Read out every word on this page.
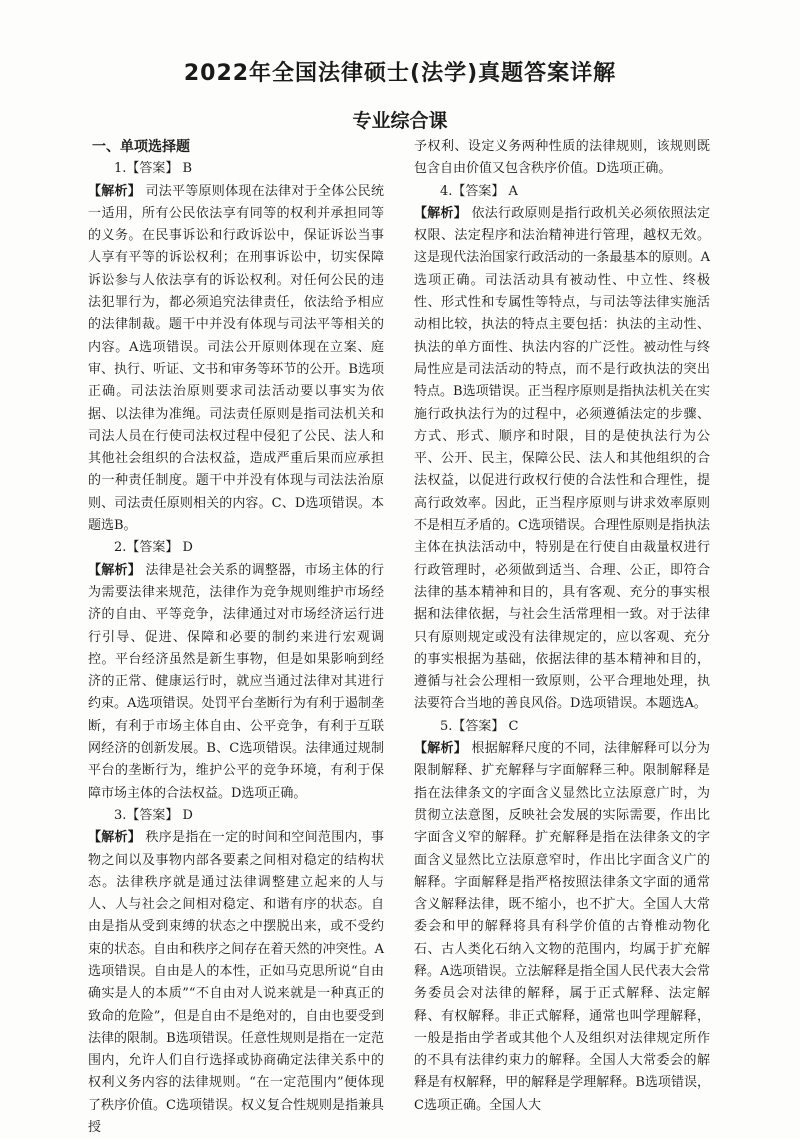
2022年全国法律硕士(法学)真题答案详解
专业综合课

一、单项选择题

1.【答案】 B

【解析】 司法平等原则体现在法律对于全体公民统一适用，所有公民依法享有同等的权利并承担同等的义务。在民事诉讼和行政诉讼中，保证诉讼当事人享有平等的诉讼权利；在刑事诉讼中，切实保障诉讼参与人依法享有的诉讼权利。对任何公民的违法犯罪行为，都必须追究法律责任，依法给予相应的法律制裁。题干中并没有体现与司法平等相关的内容。A选项错误。司法公开原则体现在立案、庭审、执行、听证、文书和审务等环节的公开。B选项正确。司法法治原则要求司法活动要以事实为依据、以法律为准绳。司法责任原则是指司法机关和司法人员在行使司法权过程中侵犯了公民、法人和其他社会组织的合法权益，造成严重后果而应承担的一种责任制度。题干中并没有体现与司法法治原则、司法责任原则相关的内容。C、D选项错误。本题选B。

2.【答案】 D

【解析】 法律是社会关系的调整器，市场主体的行为需要法律来规范，法律作为竞争规则维护市场经济的自由、平等竞争，法律通过对市场经济运行进行引导、促进、保障和必要的制约来进行宏观调控。平台经济虽然是新生事物，但是如果影响到经济的正常、健康运行时，就应当通过法律对其进行约束。A选项错误。处罚平台垄断行为有利于遏制垄断，有利于市场主体自由、公平竞争，有利于互联网经济的创新发展。B、C选项错误。法律通过规制平台的垄断行为，维护公平的竞争环境，有利于保障市场主体的合法权益。D选项正确。

3.【答案】 D

【解析】 秩序是指在一定的时间和空间范围内，事物之间以及事物内部各要素之间相对稳定的结构状态。法律秩序就是通过法律调整建立起来的人与人、人与社会之间相对稳定、和谐有序的状态。自由是指从受到束缚的状态之中摆脱出来，或不受约束的状态。自由和秩序之间存在着天然的冲突性。A选项错误。自由是人的本性，正如马克思所说“自由确实是人的本质”“不自由对人说来就是一种真正的致命的危险”，但是自由不是绝对的，自由也要受到法律的限制。B选项错误。任意性规则是指在一定范围内，允许人们自行选择或协商确定法律关系中的权利义务内容的法律规则。“在一定范围内”便体现了秩序价值。C选项错误。权义复合性规则是指兼具授

予权利、设定义务两种性质的法律规则，该规则既包含自由价值又包含秩序价值。D选项正确。

4.【答案】 A

【解析】 依法行政原则是指行政机关必须依照法定权限、法定程序和法治精神进行管理，越权无效。这是现代法治国家行政活动的一条最基本的原则。A选项正确。司法活动具有被动性、中立性、终极性、形式性和专属性等特点，与司法等法律实施活动相比较，执法的特点主要包括：执法的主动性、执法的单方面性、执法内容的广泛性。被动性与终局性应是司法活动的特点，而不是行政执法的突出特点。B选项错误。正当程序原则是指执法机关在实施行政执法行为的过程中，必须遵循法定的步骤、方式、形式、顺序和时限，目的是使执法行为公平、公开、民主，保障公民、法人和其他组织的合法权益，以促进行政权行使的合法性和合理性，提高行政效率。因此，正当程序原则与讲求效率原则不是相互矛盾的。C选项错误。合理性原则是指执法主体在执法活动中，特别是在行使自由裁量权进行行政管理时，必须做到适当、合理、公正，即符合法律的基本精神和目的，具有客观、充分的事实根据和法律依据，与社会生活常理相一致。对于法律只有原则规定或没有法律规定的，应以客观、充分的事实根据为基础，依据法律的基本精神和目的，遵循与社会公理相一致原则，公平合理地处理，执法要符合当地的善良风俗。D选项错误。本题选A。

5.【答案】 C

【解析】 根据解释尺度的不同，法律解释可以分为限制解释、扩充解释与字面解释三种。限制解释是指在法律条文的字面含义显然比立法原意广时，为贯彻立法意图，反映社会发展的实际需要，作出比字面含义窄的解释。扩充解释是指在法律条文的字面含义显然比立法原意窄时，作出比字面含义广的解释。字面解释是指严格按照法律条文字面的通常含义解释法律，既不缩小，也不扩大。全国人大常委会和甲的解释将具有科学价值的古脊椎动物化石、古人类化石纳入文物的范围内，均属于扩充解释。A选项错误。立法解释是指全国人民代表大会常务委员会对法律的解释，属于正式解释、法定解释、有权解释。非正式解释，通常也叫学理解释，一般是指由学者或其他个人及组织对法律规定所作的不具有法律约束力的解释。全国人大常委会的解释是有权解释，甲的解释是学理解释。B选项错误，C选项正确。全国人大
